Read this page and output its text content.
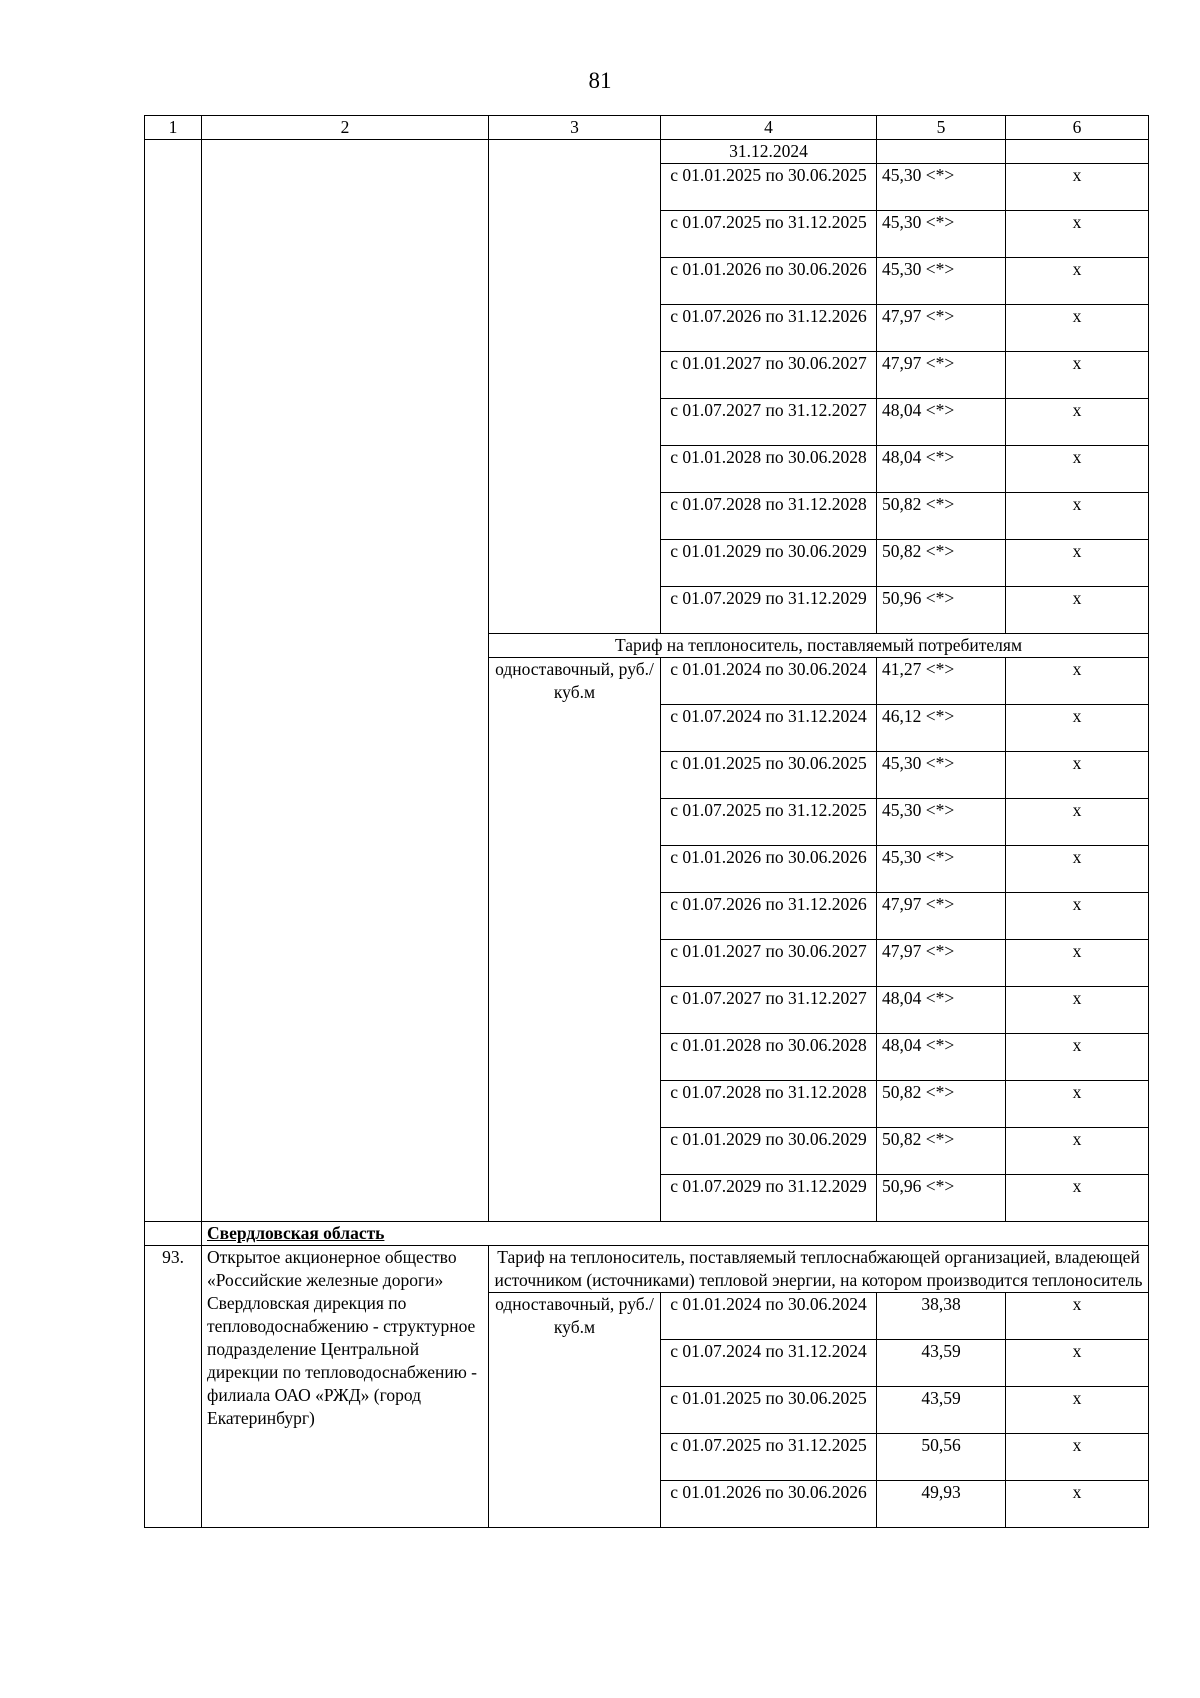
81
1	2	3	4	5	6
			31.12.2024		
			с 01.01.2025 по 30.06.2025	45,30 <*>	х
			с 01.07.2025 по 31.12.2025	45,30 <*>	х
			с 01.01.2026 по 30.06.2026	45,30 <*>	х
			с 01.07.2026 по 31.12.2026	47,97 <*>	х
			с 01.01.2027 по 30.06.2027	47,97 <*>	х
			с 01.07.2027 по 31.12.2027	48,04 <*>	х
			с 01.01.2028 по 30.06.2028	48,04 <*>	х
			с 01.07.2028 по 31.12.2028	50,82 <*>	х
			с 01.01.2029 по 30.06.2029	50,82 <*>	х
			с 01.07.2029 по 31.12.2029	50,96 <*>	х
		Тариф на теплоноситель, поставляемый потребителям			
		одноставочный, руб./куб.м	с 01.01.2024 по 30.06.2024	41,27 <*>	х
			с 01.07.2024 по 31.12.2024	46,12 <*>	х
			с 01.01.2025 по 30.06.2025	45,30 <*>	х
			с 01.07.2025 по 31.12.2025	45,30 <*>	х
			с 01.01.2026 по 30.06.2026	45,30 <*>	х
			с 01.07.2026 по 31.12.2026	47,97 <*>	х
			с 01.01.2027 по 30.06.2027	47,97 <*>	х
			с 01.07.2027 по 31.12.2027	48,04 <*>	х
			с 01.01.2028 по 30.06.2028	48,04 <*>	х
			с 01.07.2028 по 31.12.2028	50,82 <*>	х
			с 01.01.2029 по 30.06.2029	50,82 <*>	х
			с 01.07.2029 по 31.12.2029	50,96 <*>	х
	Свердловская область				
93.	Открытое акционерное общество «Российские железные дороги» Свердловская дирекция по тепловодоснабжению - структурное подразделение Центральной дирекции по тепловодоснабжению - филиала ОАО «РЖД» (город Екатеринбург)	Тариф на теплоноситель, поставляемый теплоснабжающей организацией, владеющей источником (источниками) тепловой энергии, на котором производится теплоноситель			
		одноставочный, руб./куб.м	с 01.01.2024 по 30.06.2024	38,38	х
			с 01.07.2024 по 31.12.2024	43,59	х
			с 01.01.2025 по 30.06.2025	43,59	х
			с 01.07.2025 по 31.12.2025	50,56	х
			с 01.01.2026 по 30.06.2026	49,93	х
